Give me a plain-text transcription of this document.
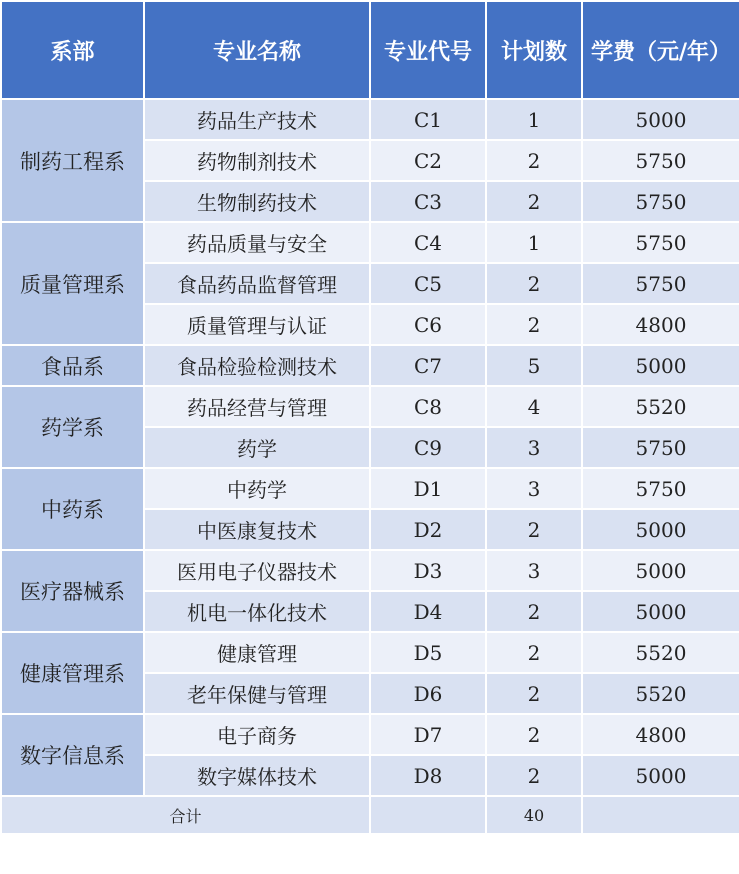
系部	专业名称	专业代号	计划数	学费（元/年）
制药工程系	药品生产技术	C1	1	5000
	药物制剂技术	C2	2	5750
	生物制药技术	C3	2	5750
质量管理系	药品质量与安全	C4	1	5750
	食品药品监督管理	C5	2	5750
	质量管理与认证	C6	2	4800
食品系	食品检验检测技术	C7	5	5000
药学系	药品经营与管理	C8	4	5520
	药学	C9	3	5750
中药系	中药学	D1	3	5750
	中医康复技术	D2	2	5000
医疗器械系	医用电子仪器技术	D3	3	5000
	机电一体化技术	D4	2	5000
健康管理系	健康管理	D5	2	5520
	老年保健与管理	D6	2	5520
数字信息系	电子商务	D7	2	4800
	数字媒体技术	D8	2	5000
合计			40	
